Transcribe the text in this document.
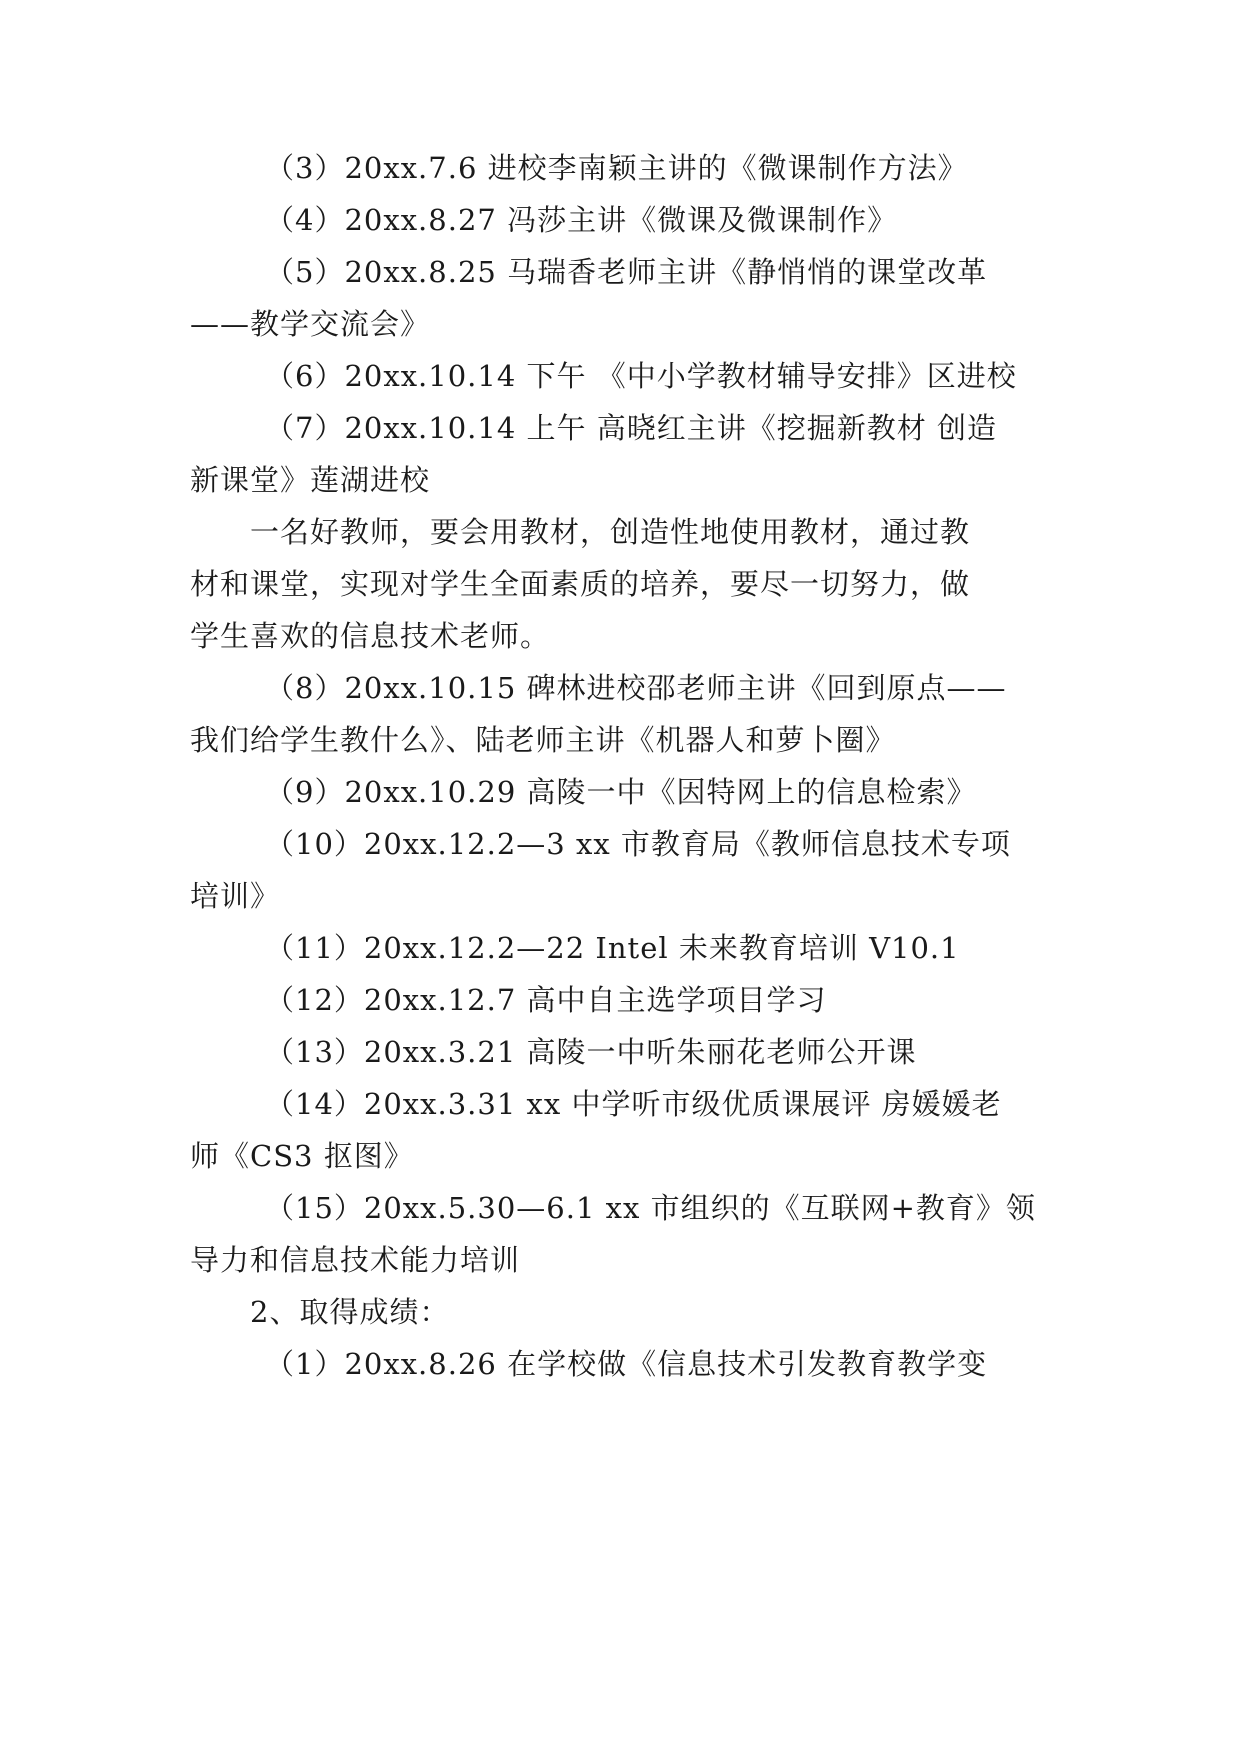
（3）20xx.7.6 进校李南颖主讲的《微课制作方法》
（4）20xx.8.27 冯莎主讲《微课及微课制作》
（5）20xx.8.25 马瑞香老师主讲《静悄悄的课堂改革
——教学交流会》
（6）20xx.10.14 下午 《中小学教材辅导安排》区进校
（7）20xx.10.14 上午 高晓红主讲《挖掘新教材 创造
新课堂》莲湖进校
一名好教师，要会用教材，创造性地使用教材，通过教
材和课堂，实现对学生全面素质的培养，要尽一切努力，做
学生喜欢的信息技术老师。
（8）20xx.10.15 碑林进校邵老师主讲《回到原点——
我们给学生教什么》、陆老师主讲《机器人和萝卜圈》
（9）20xx.10.29 高陵一中《因特网上的信息检索》
（10）20xx.12.2—3 xx 市教育局《教师信息技术专项
培训》
（11）20xx.12.2—22 Intel 未来教育培训 V10.1
（12）20xx.12.7 高中自主选学项目学习
（13）20xx.3.21 高陵一中听朱丽花老师公开课
（14）20xx.3.31 xx 中学听市级优质课展评 房媛媛老
师《CS3 抠图》
（15）20xx.5.30—6.1 xx 市组织的《互联网+教育》领
导力和信息技术能力培训
2、取得成绩：
（1）20xx.8.26 在学校做《信息技术引发教育教学变
